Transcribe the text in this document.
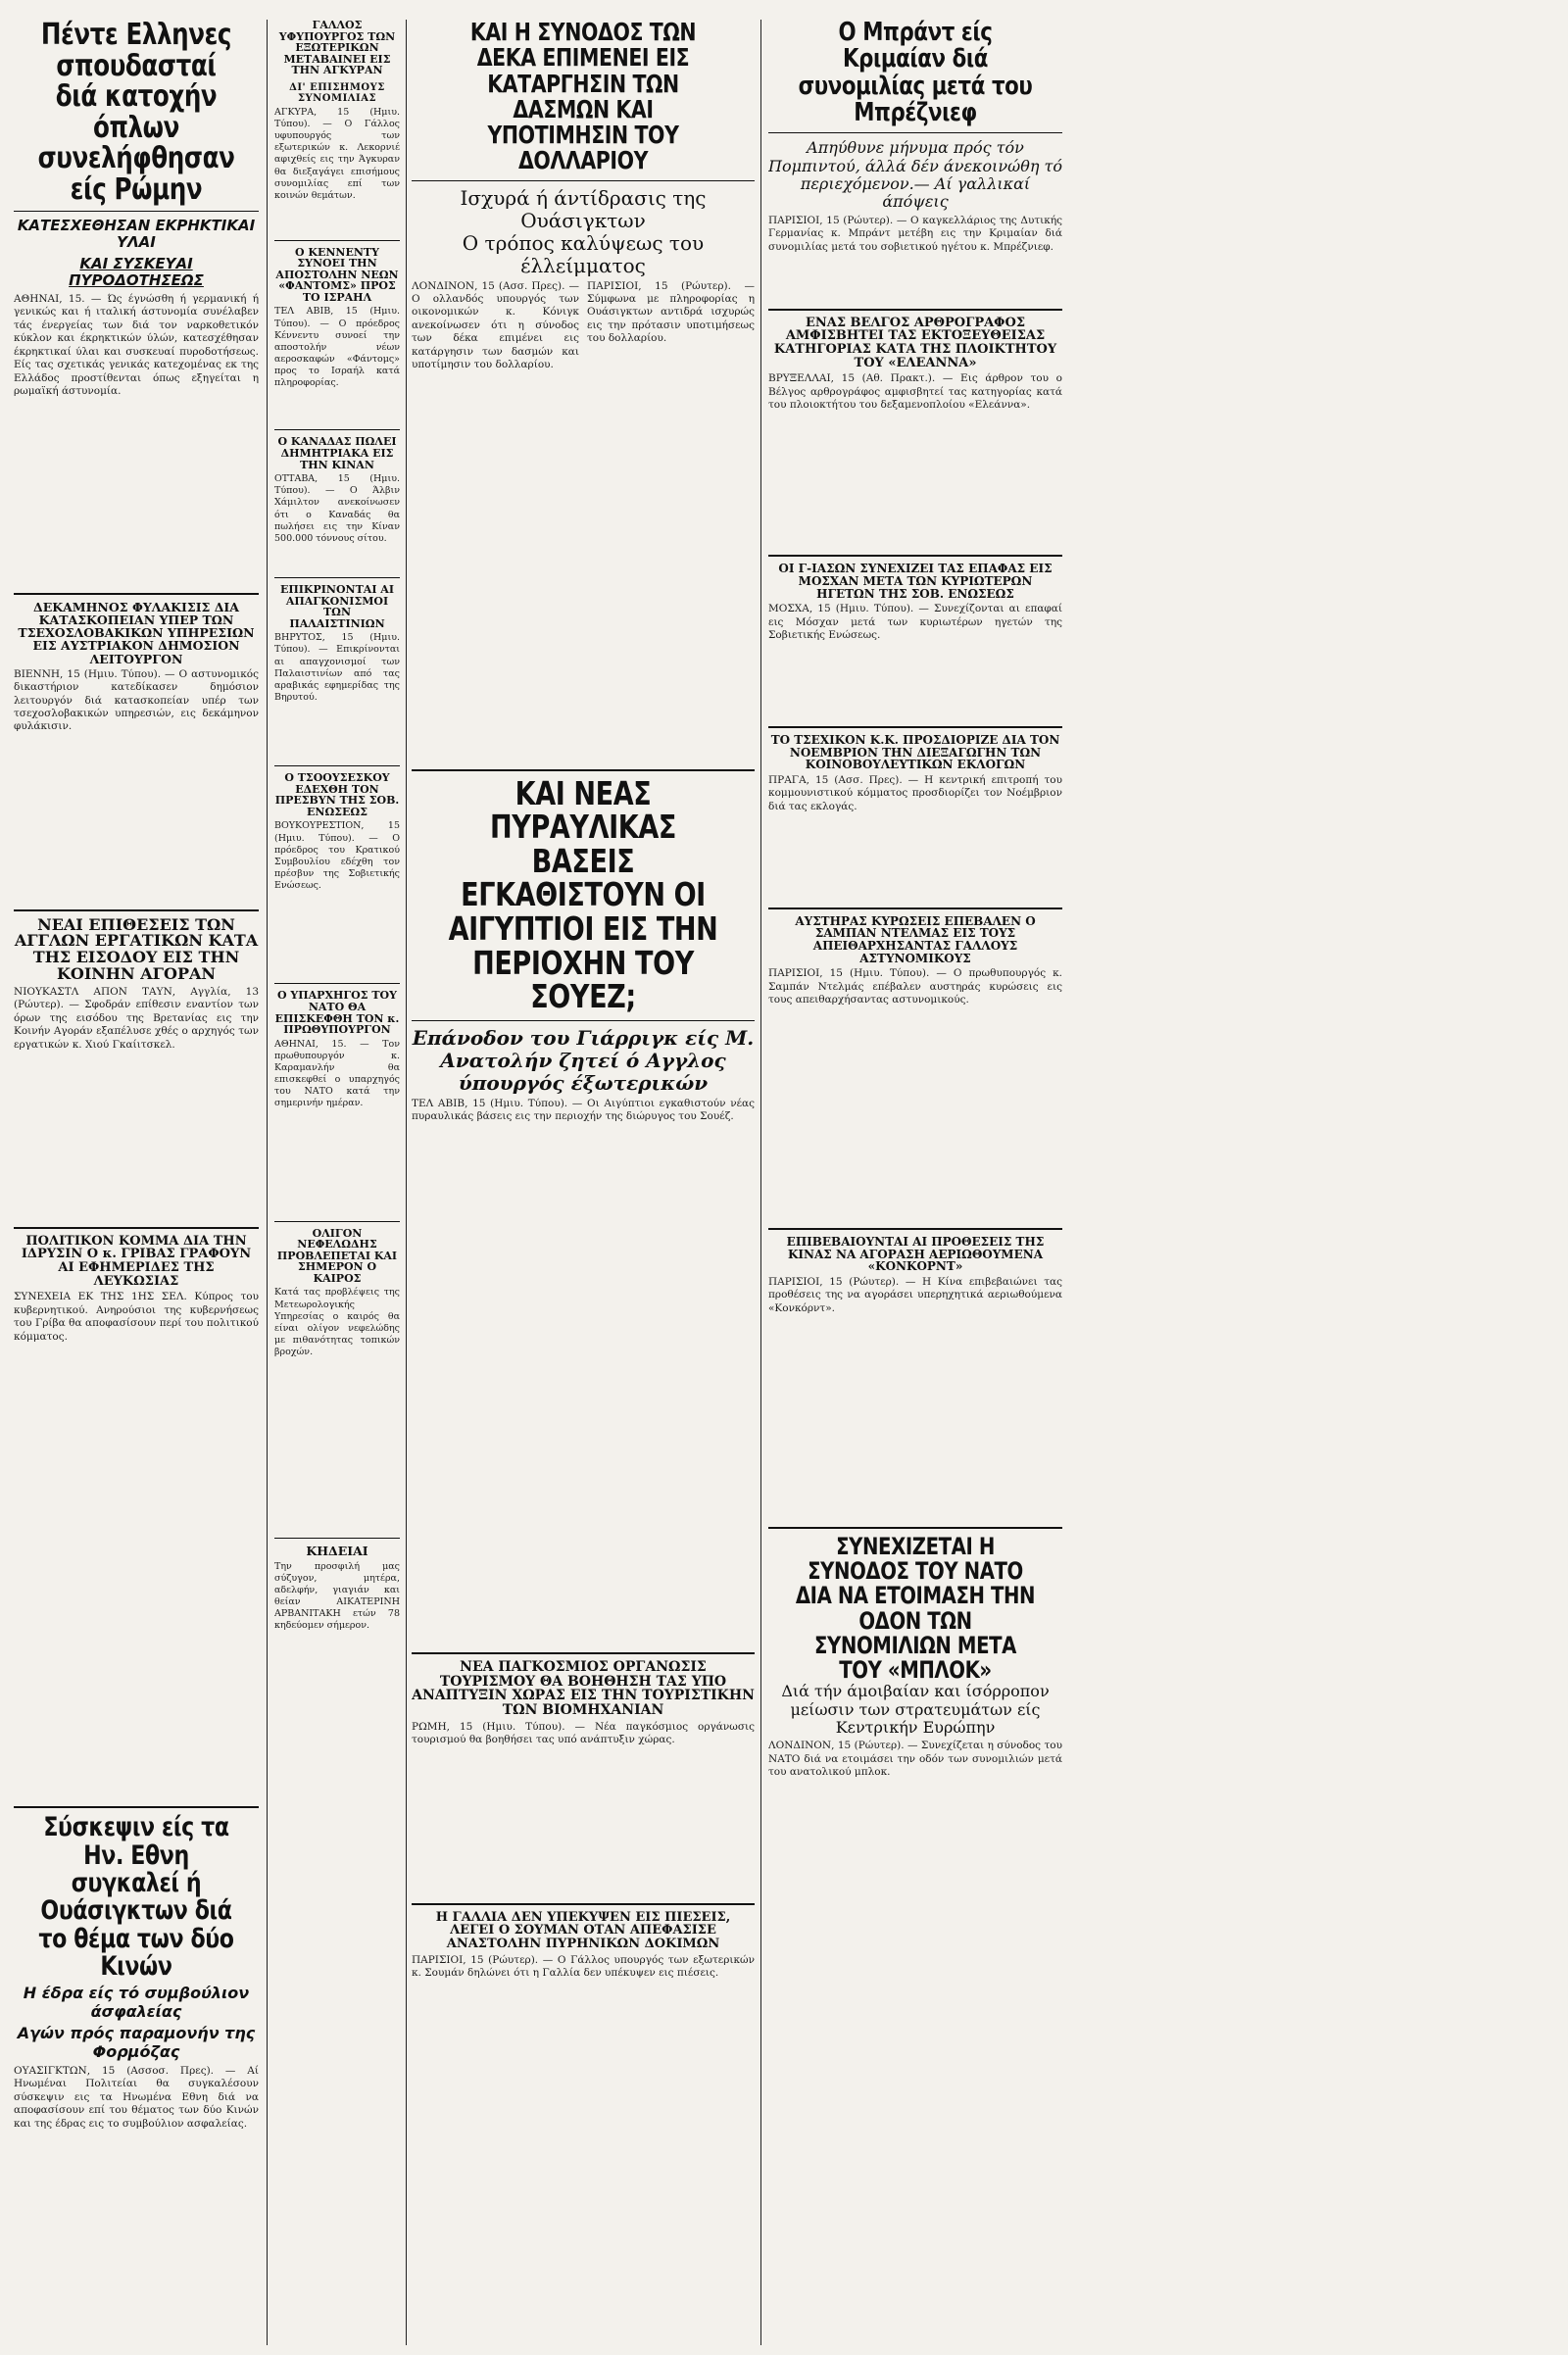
Πέντε Ελληνες σπουδασταί διά κατοχήν όπλων συνελήφθησαν είς Ρώμην
ΚΑΤΕΣΧΕΘΗΣΑΝ ΕΚΡΗΚΤΙΚΑΙ ΥΛΑΙ
ΚΑΙ ΣΥΣΚΕΥΑΙ ΠΥΡΟΔΟΤΗΣΕΩΣ
ΑΘΗΝΑΙ, 15. — Ώς έγνώσθη ή γερμανική ή γενικώς και ή ιταλική άστυνομία συνέλαβεν τάς ένεργείας των διά τον ναρκοθετικόν κύκλον και έκρηκτικών ύλών, κατεσχέθησαν έκρηκτικαί ύλαι και συσκευαί πυροδοτήσεως. Είς τας σχετικάς γενικάς κατεχομένας εκ της Ελλάδος προστίθενται όπως εξηγείται η ρωμαϊκή άστυνομία.
ΔΕΚΑΜΗΝΟΣ ΦΥΛΑΚΙΣΙΣ ΔΙΑ ΚΑΤΑΣΚΟΠΕΙΑΝ ΥΠΕΡ ΤΩΝ ΤΣΕΧΟΣΛΟΒΑΚΙΚΩΝ ΥΠΗΡΕΣΙΩΝ ΕΙΣ ΑΥΣΤΡΙΑΚΟΝ ΔΗΜΟΣΙΟΝ ΛΕΙΤΟΥΡΓΟΝ
ΒΙΕΝΝΗ, 15 (Ημιυ. Τύπου). — Ο αστυνομικός δικαστήριον κατεδίκασεν δημόσιον λειτουργόν διά κατασκοπείαν υπέρ των τσεχοσλοβακικών υπηρεσιών, εις δεκάμηνον φυλάκισιν.
ΝΕΑΙ ΕΠΙΘΕΣΕΙΣ ΤΩΝ ΑΓΓΛΩΝ ΕΡΓΑΤΙΚΩΝ ΚΑΤΑ ΤΗΣ ΕΙΣΟΔΟΥ ΕΙΣ ΤΗΝ ΚΟΙΝΗΝ ΑΓΟΡΑΝ
ΝΙΟΥΚΑΣΤΛ ΑΠΟΝ ΤΑΥΝ, Αγγλία, 13 (Ρώυτερ). — Σφοδράν επίθεσιν εναντίον των όρων της εισόδου της Βρετανίας εις την Κοινήν Αγοράν εξαπέλυσε χθές ο αρχηγός των εργατικών κ. Χιού Γκαίιτσκελ.
ΠΟΛΙΤΙΚΟΝ ΚΟΜΜΑ ΔΙΑ ΤΗΝ ΙΔΡΥΣΙΝ Ο κ. ΓΡΙΒΑΣ ΓΡΑΦΟΥΝ ΑΙ ΕΦΗΜΕΡΙΔΕΣ ΤΗΣ ΛΕΥΚΩΣΙΑΣ
ΣΥΝΕΧΕΙΑ ΕΚ ΤΗΣ 1ΗΣ ΣΕΛ. Κύπρος του κυβερνητικού. Ανηρούσιοι της κυβερνήσεως του Γρίβα θα αποφασίσουν περί του πολιτικού κόμματος.
Σύσκεψιν είς τα Ην. Εθνη συγκαλεί ή Ουάσιγκτων διά το θέμα των δύο Κινών
Η έδρα είς τό συμβούλιον άσφαλείας
Αγών πρός παραμονήν της Φορμόζας
ΟΥΑΣΙΓΚΤΩΝ, 15 (Ασσοσ. Πρες). — Αί Ηνωμέναι Πολιτείαι θα συγκαλέσουν σύσκεψιν εις τα Ηνωμένα Εθνη διά να αποφασίσουν επί του θέματος των δύο Κινών και της έδρας εις το συμβούλιον ασφαλείας.
ΓΑΛΛΟΣ ΥΦΥΠΟΥΡΓΟΣ ΤΩΝ ΕΞΩΤΕΡΙΚΩΝ ΜΕΤΑΒΑΙΝΕΙ ΕΙΣ ΤΗΝ ΑΓΚΥΡΑΝ
ΔΙ' ΕΠΙΣΗΜΟΥΣ ΣΥΝΟΜΙΛΙΑΣ
ΑΓΚΥΡΑ, 15 (Ημιυ. Τύπου). — Ο Γάλλος υφυπουργός των εξωτερικών κ. Λεκορνιέ αφιχθείς εις την Άγκυραν θα διεξαγάγει επισήμους συνομιλίας επί των κοινών θεμάτων.
Ο ΚΕΝΝΕΝΤΥ ΣΥΝΟΕΙ ΤΗΝ ΑΠΟΣΤΟΛΗΝ ΝΕΩΝ «ΦΑΝΤΟΜΣ» ΠΡΟΣ ΤΟ ΙΣΡΑΗΛ
ΤΕΛ ΑΒΙΒ, 15 (Ημιυ. Τύπου). — Ο πρόεδρος Κέννεντυ συνοεί την αποστολήν νέων αεροσκαφών «Φάντομς» προς το Ισραήλ κατά πληροφορίας.
Ο ΚΑΝΑΔΑΣ ΠΩΛΕΙ ΔΗΜΗΤΡΙΑΚΑ ΕΙΣ ΤΗΝ ΚΙΝΑΝ
ΟΤΤΑΒΑ, 15 (Ημιυ. Τύπου). — Ο Άλβιν Χάμιλτον ανεκοίνωσεν ότι ο Καναδάς θα πωλήσει εις την Κίναν 500.000 τόννους σίτου.
ΕΠΙΚΡΙΝΟΝΤΑΙ ΑΙ ΑΠΑΓΚΟΝΙΣΜΟΙ ΤΩΝ ΠΑΛΑΙΣΤΙΝΙΩΝ
ΒΗΡΥΤΟΣ, 15 (Ημιυ. Τύπου). — Επικρίνονται αι απαγχονισμοί των Παλαιστινίων από τας αραβικάς εφημερίδας της Βηρυτού.
Ο ΤΣΟΟΥΣΕΣΚΟΥ ΕΔΕΧΘΗ ΤΟΝ ΠΡΕΣΒΥΝ ΤΗΣ ΣΟΒ. ΕΝΩΣΕΩΣ
ΒΟΥΚΟΥΡΕΣΤΙΟΝ, 15 (Ημιυ. Τύπου). — Ο πρόεδρος του Κρατικού Συμβουλίου εδέχθη τον πρέσβυν της Σοβιετικής Ενώσεως.
Ο ΥΠΑΡΧΗΓΟΣ ΤΟΥ ΝΑΤΟ ΘΑ ΕΠΙΣΚΕΦΘΗ ΤΟΝ κ. ΠΡΩΘΥΠΟΥΡΓΟΝ
ΑΘΗΝΑΙ, 15. — Τον πρωθυπουργόν κ. Καραμανλήν θα επισκεφθεί ο υπαρχηγός του ΝΑΤΟ κατά την σημερινήν ημέραν.
ΟΛΙΓΟΝ ΝΕΦΕΛΩΔΗΣ ΠΡΟΒΛΕΠΕΤΑΙ ΚΑΙ ΣΗΜΕΡΟΝ Ο ΚΑΙΡΟΣ
Κατά τας προβλέψεις της Μετεωρολογικής Υπηρεσίας ο καιρός θα είναι ολίγον νεφελώδης με πιθανότητας τοπικών βροχών.
ΚΗΔΕΙΑΙ
Την προσφιλή μας σύζυγον, μητέρα, αδελφήν, γιαγιάν και θείαν ΑΙΚΑΤΕΡΙΝΗ ΑΡΒΑΝΙΤΑΚΗ ετών 78 κηδεύομεν σήμερον.
ΚΑΙ Η ΣΥΝΟΔΟΣ ΤΩΝ ΔΕΚΑ ΕΠΙΜΕΝΕΙ ΕΙΣ ΚΑΤΑΡΓΗΣΙΝ ΤΩΝ ΔΑΣΜΩΝ ΚΑΙ ΥΠΟΤΙΜΗΣΙΝ ΤΟΥ ΔΟΛΛΑΡΙΟΥ
Ισχυρά ή άντίδρασις της Ουάσιγκτων
Ο τρόπος καλύψεως του έλλείμματος
ΛΟΝΔΙΝΟΝ, 15 (Ασσ. Πρες). — Ο ολλανδός υπουργός των οικονομικών κ. Κόνιγκ ανεκοίνωσεν ότι η σύνοδος των δέκα επιμένει εις κατάργησιν των δασμών και υποτίμησιν του δολλαρίου.
ΠΑΡΙΣΙΟΙ, 15 (Ρώυτερ). — Σύμφωνα με πληροφορίας η Ουάσιγκτων αντιδρά ισχυρώς εις την πρότασιν υποτιμήσεως του δολλαρίου.
ΚΑΙ ΝΕΑΣ ΠΥΡΑΥΛΙΚΑΣ ΒΑΣΕΙΣ ΕΓΚΑΘΙΣΤΟΥΝ ΟΙ ΑΙΓΥΠΤΙΟΙ ΕΙΣ ΤΗΝ ΠΕΡΙΟΧΗΝ ΤΟΥ ΣΟΥΕΖ;
Επάνοδον του Γιάρριγκ είς Μ. Ανατολήν ζητεί ό Αγγλος ύπουργός έξωτερικών
ΤΕΛ ΑΒΙΒ, 15 (Ημιυ. Τύπου). — Οι Αιγύπτιοι εγκαθιστούν νέας πυραυλικάς βάσεις εις την περιοχήν της διώρυγος του Σουέζ.
ΝΕΑ ΠΑΓΚΟΣΜΙΟΣ ΟΡΓΑΝΩΣΙΣ ΤΟΥΡΙΣΜΟΥ ΘΑ ΒΟΗΘΗΣΗ ΤΑΣ ΥΠΟ ΑΝΑΠΤΥΞΙΝ ΧΩΡΑΣ ΕΙΣ ΤΗΝ ΤΟΥΡΙΣΤΙΚΗΝ ΤΩΝ ΒΙΟΜΗΧΑΝΙΑΝ
ΡΩΜΗ, 15 (Ημιυ. Τύπου). — Νέα παγκόσμιος οργάνωσις τουρισμού θα βοηθήσει τας υπό ανάπτυξιν χώρας.
Η ΓΑΛΛΙΑ ΔΕΝ ΥΠΕΚΥΨΕΝ ΕΙΣ ΠΙΕΣΕΙΣ, ΛΕΓΕΙ Ο ΣΟΥΜΑΝ ΟΤΑΝ ΑΠΕΦΑΣΙΣΕ ΑΝΑΣΤΟΛΗΝ ΠΥΡΗΝΙΚΩΝ ΔΟΚΙΜΩΝ
ΠΑΡΙΣΙΟΙ, 15 (Ρώυτερ). — Ο Γάλλος υπουργός των εξωτερικών κ. Σουμάν δηλώνει ότι η Γαλλία δεν υπέκυψεν εις πιέσεις.
Ο Μπράντ είς Κριμαίαν διά συνομιλίας μετά του Μπρέζνιεφ
Απηύθυνε μήνυμα πρός τόν Πομπιντού, άλλά δέν άνεκοινώθη τό περιεχόμενον.— Αί γαλλικαί άπόψεις
ΠΑΡΙΣΙΟΙ, 15 (Ρώυτερ). — Ο καγκελλάριος της Δυτικής Γερμανίας κ. Μπράντ μετέβη εις την Κριμαίαν διά συνομιλίας μετά του σοβιετικού ηγέτου κ. Μπρέζνιεφ.
ΕΝΑΣ ΒΕΛΓΟΣ ΑΡΘΡΟΓΡΑΦΟΣ ΑΜΦΙΣΒΗΤΕΙ ΤΑΣ ΕΚΤΟΞΕΥΘΕΙΣΑΣ ΚΑΤΗΓΟΡΙΑΣ ΚΑΤΑ ΤΗΣ ΠΛΟΙΚΤΗΤΟΥ ΤΟΥ «ΕΛΕΑΝΝΑ»
ΒΡΥΞΕΛΛΑΙ, 15 (Αθ. Πρακτ.). — Εις άρθρον του ο Βέλγος αρθρογράφος αμφισβητεί τας κατηγορίας κατά του πλοιοκτήτου του δεξαμενοπλοίου «Ελεάννα».
ΟΙ Γ-ΙΑΣΩΝ ΣΥΝΕΧΙΖΕΙ ΤΑΣ ΕΠΑΦΑΣ ΕΙΣ ΜΟΣΧΑΝ ΜΕΤΑ ΤΩΝ ΚΥΡΙΩΤΕΡΩΝ ΗΓΕΤΩΝ ΤΗΣ ΣΟΒ. ΕΝΩΣΕΩΣ
ΜΟΣΧΑ, 15 (Ημιυ. Τύπου). — Συνεχίζονται αι επαφαί εις Μόσχαν μετά των κυριωτέρων ηγετών της Σοβιετικής Ενώσεως.
ΤΟ ΤΣΕΧΙΚΟΝ Κ.Κ. ΠΡΟΣΔΙΟΡΙΖΕ ΔΙΑ ΤΟΝ ΝΟΕΜΒΡΙΟΝ ΤΗΝ ΔΙΕΞΑΓΩΓΗΝ ΤΩΝ ΚΟΙΝΟΒΟΥΛΕΥΤΙΚΩΝ ΕΚΛΟΓΩΝ
ΠΡΑΓΑ, 15 (Ασσ. Πρες). — Η κεντρική επιτροπή του κομμουνιστικού κόμματος προσδιορίζει τον Νοέμβριον διά τας εκλογάς.
ΑΥΣΤΗΡΑΣ ΚΥΡΩΣΕΙΣ ΕΠΕΒΑΛΕΝ Ο ΣΑΜΠΑΝ ΝΤΕΛΜΑΣ ΕΙΣ ΤΟΥΣ ΑΠΕΙΘΑΡΧΗΣΑΝΤΑΣ ΓΑΛΛΟΥΣ ΑΣΤΥΝΟΜΙΚΟΥΣ
ΠΑΡΙΣΙΟΙ, 15 (Ημιυ. Τύπου). — Ο πρωθυπουργός κ. Σαμπάν Ντελμάς επέβαλεν αυστηράς κυρώσεις εις τους απειθαρχήσαντας αστυνομικούς.
ΕΠΙΒΕΒΑΙΟΥΝΤΑΙ ΑΙ ΠΡΟΘΕΣΕΙΣ ΤΗΣ ΚΙΝΑΣ ΝΑ ΑΓΟΡΑΣΗ ΑΕΡΙΩΘΟΥΜΕΝΑ «ΚΟΝΚΟΡΝΤ»
ΠΑΡΙΣΙΟΙ, 15 (Ρώυτερ). — Η Κίνα επιβεβαιώνει τας προθέσεις της να αγοράσει υπερηχητικά αεριωθούμενα «Κονκόρντ».
ΣΥΝΕΧΙΖΕΤΑΙ Η ΣΥΝΟΔΟΣ ΤΟΥ ΝΑΤΟ ΔΙΑ ΝΑ ΕΤΟΙΜΑΣΗ ΤΗΝ ΟΔΟΝ ΤΩΝ ΣΥΝΟΜΙΛΙΩΝ ΜΕΤΑ ΤΟΥ «ΜΠΛΟΚ»
Διά τήν άμοιβαίαν και ίσόρροπον μείωσιν των στρατευμάτων είς Κεντρικήν Ευρώπην
ΛΟΝΔΙΝΟΝ, 15 (Ρώυτερ). — Συνεχίζεται η σύνοδος του ΝΑΤΟ διά να ετοιμάσει την οδόν των συνομιλιών μετά του ανατολικού μπλοκ.
